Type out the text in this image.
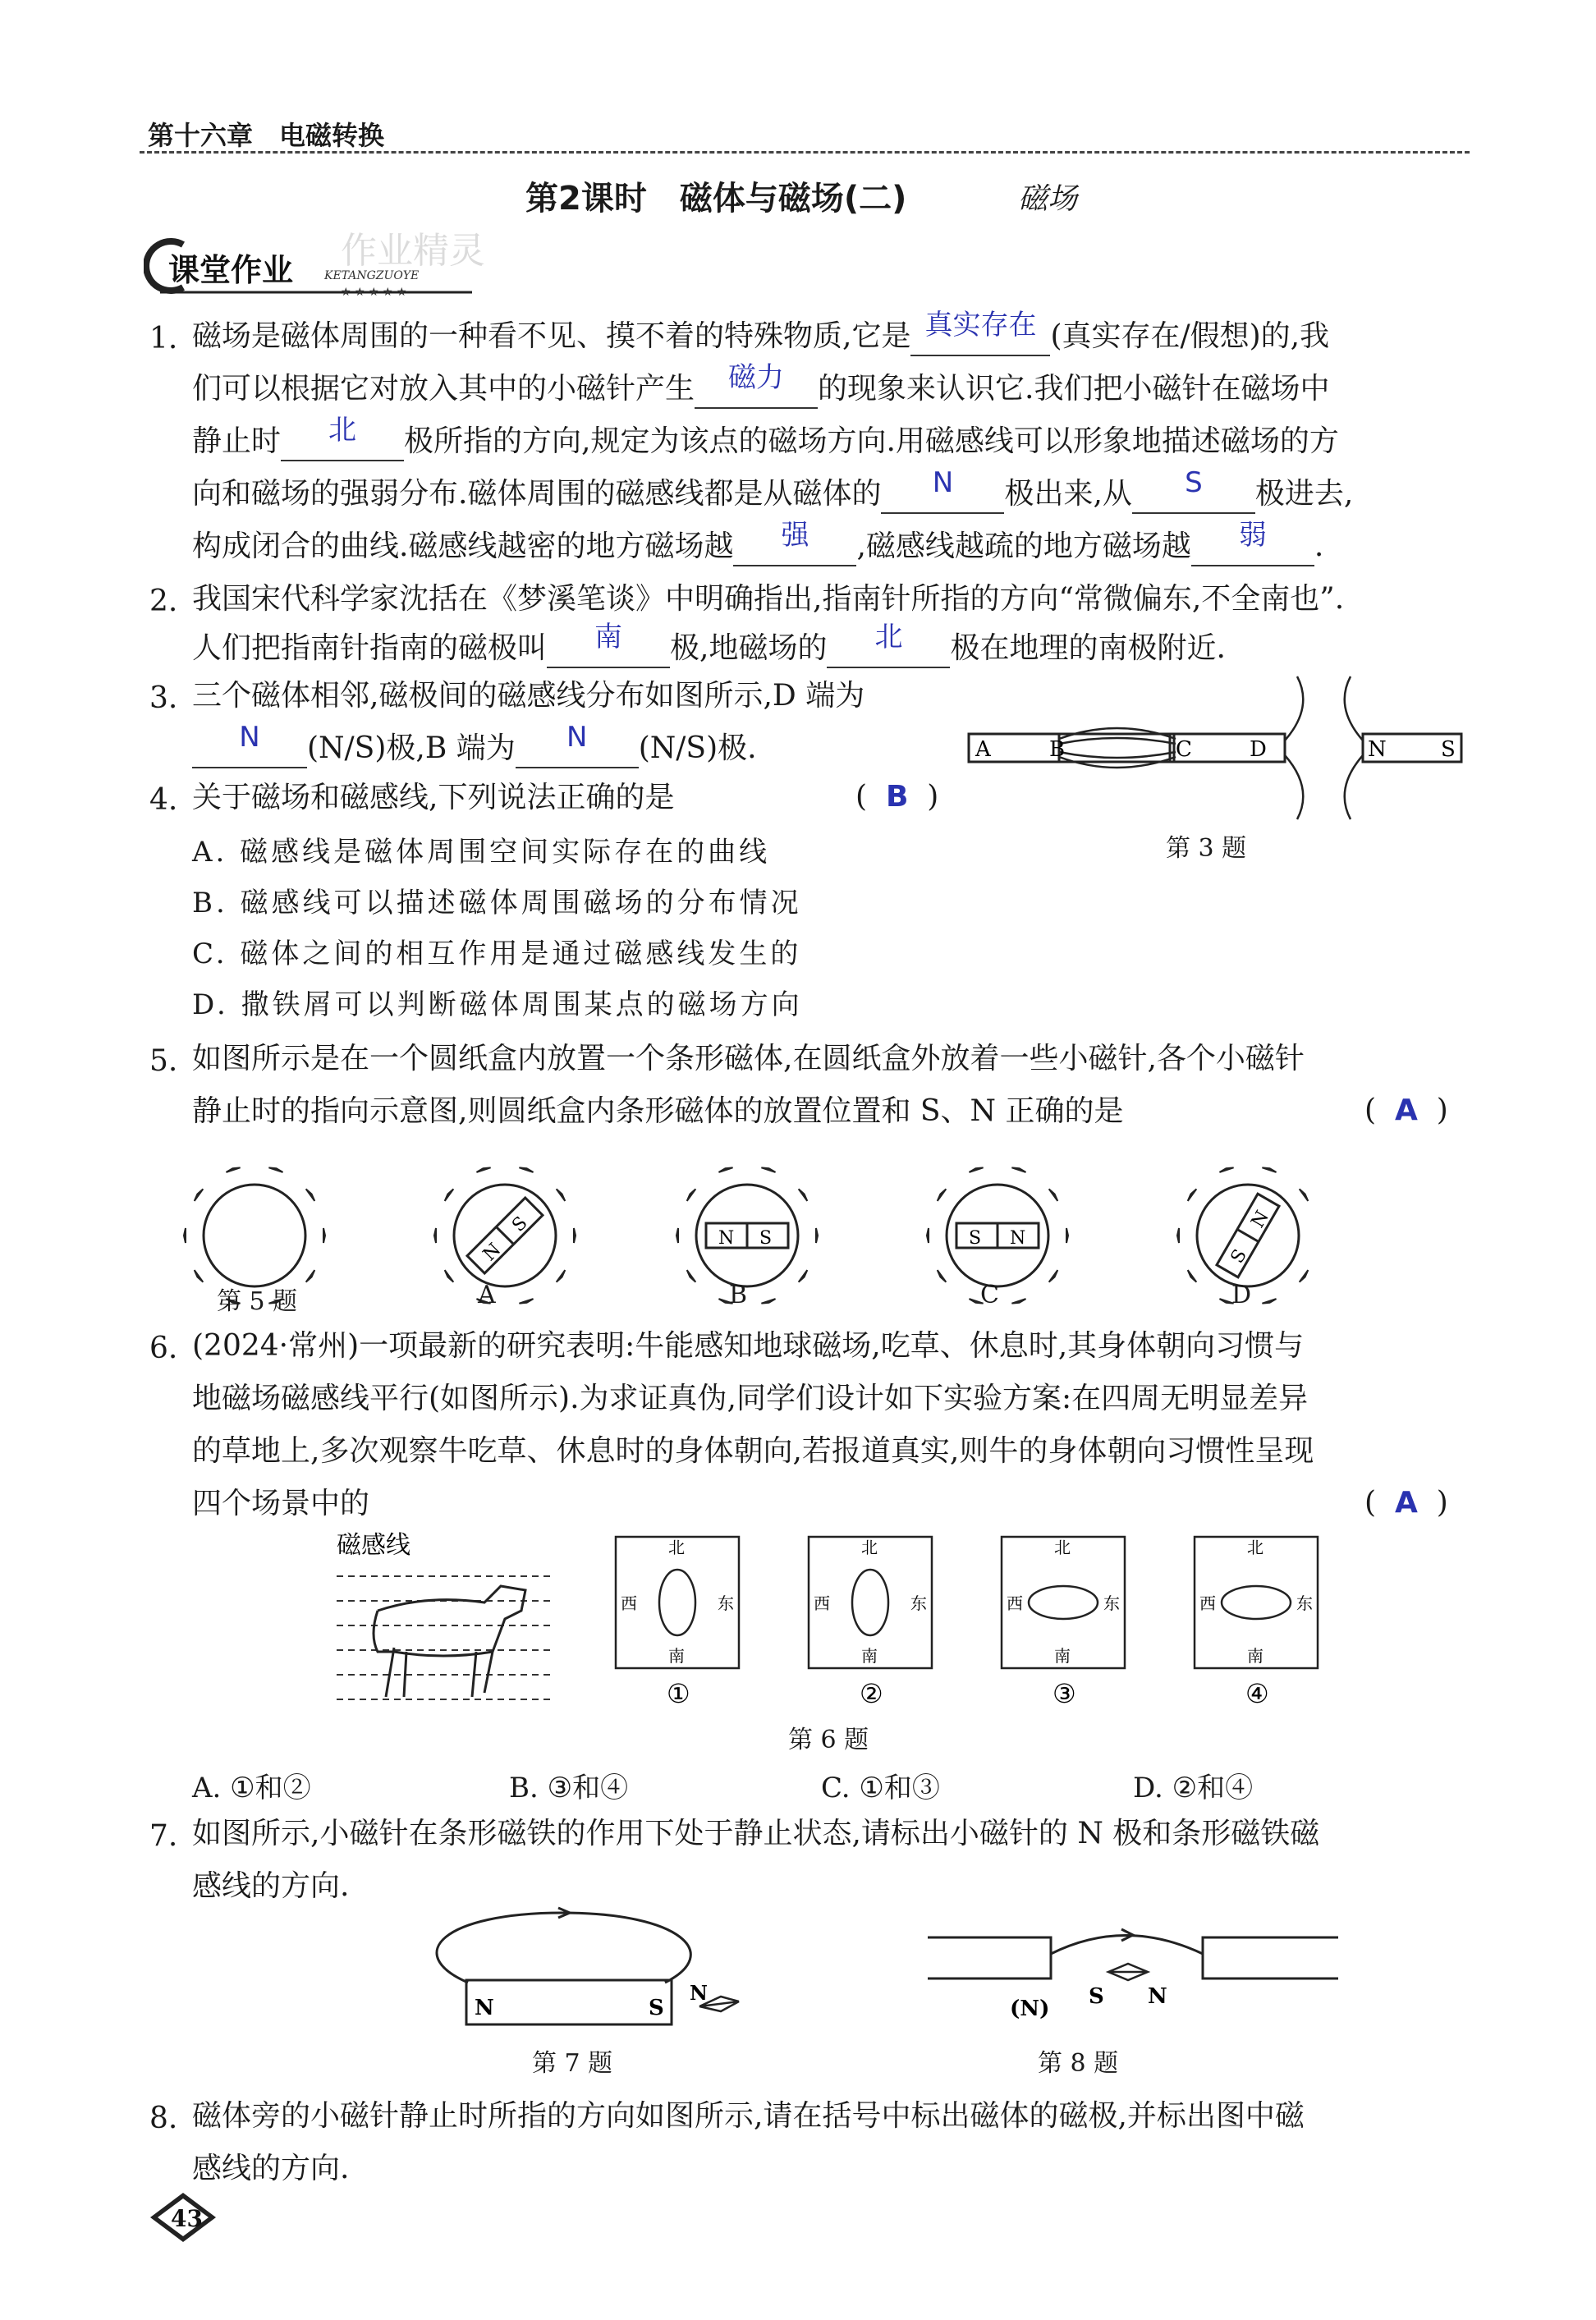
第十六章　电磁转换
第2课时　磁体与磁场(二)	磁场
课堂作业	KETANGZUOYE
★ ★ ★ ★ ★
作业精灵
1. 磁场是磁体周围的一种看不见、摸不着的特殊物质,它是 真实存在 (真实存在/假想)的,我
们可以根据它对放入其中的小磁针产生 磁力 的现象来认识它.我们把小磁针在磁场中
静止时 北 极所指的方向,规定为该点的磁场方向.用磁感线可以形象地描述磁场的方
向和磁场的强弱分布.磁体周围的磁感线都是从磁体的 N 极出来,从 S 极进去,
构成闭合的曲线.磁感线越密的地方磁场越 强 ,磁感线越疏的地方磁场越 弱 .
2. 我国宋代科学家沈括在《梦溪笔谈》中明确指出,指南针所指的方向“常微偏东,不全南也”.
人们把指南针指南的磁极叫 南 极,地磁场的 北 极在地理的南极附近.
3. 三个磁体相邻,磁极间的磁感线分布如图所示,D 端为
N (N/S)极,B 端为 N (N/S)极.	A	B	C	D	N	S
第 3 题
4. 关于磁场和磁感线,下列说法正确的是	( B )
A. 磁感线是磁体周围空间实际存在的曲线
B. 磁感线可以描述磁体周围磁场的分布情况
C. 磁体之间的相互作用是通过磁感线发生的
D. 撒铁屑可以判断磁体周围某点的磁场方向
5. 如图所示是在一个圆纸盒内放置一个条形磁体,在圆纸盒外放着一些小磁针,各个小磁针
静止时的指向示意图,则圆纸盒内条形磁体的放置位置和 S、N 正确的是	( A )
N
S
N S	S N
S
N
第 5 题	A	B	C	D
6. (2024·常州)一项最新的研究表明:牛能感知地球磁场,吃草、休息时,其身体朝向习惯与
地磁场磁感线平行(如图所示).为求证真伪,同学们设计如下实验方案:在四周无明显差异
的草地上,多次观察牛吃草、休息时的身体朝向,若报道真实,则牛的身体朝向习惯性呈现
四个场景中的	( A )
磁感线	北
南
西	东
北
南
西	东
北
南
西	东
北
南
西	东
①	②	③	④
第 6 题
A. ①和②	B. ③和④	C. ①和③	D. ②和④
7. 如图所示,小磁针在条形磁铁的作用下处于静止状态,请标出小磁针的 N 极和条形磁铁磁
感线的方向.
N	S
N
第 7 题
(N) S N
第 8 题
8. 磁体旁的小磁针静止时所指的方向如图所示,请在括号中标出磁体的磁极,并标出图中磁
感线的方向.
43
